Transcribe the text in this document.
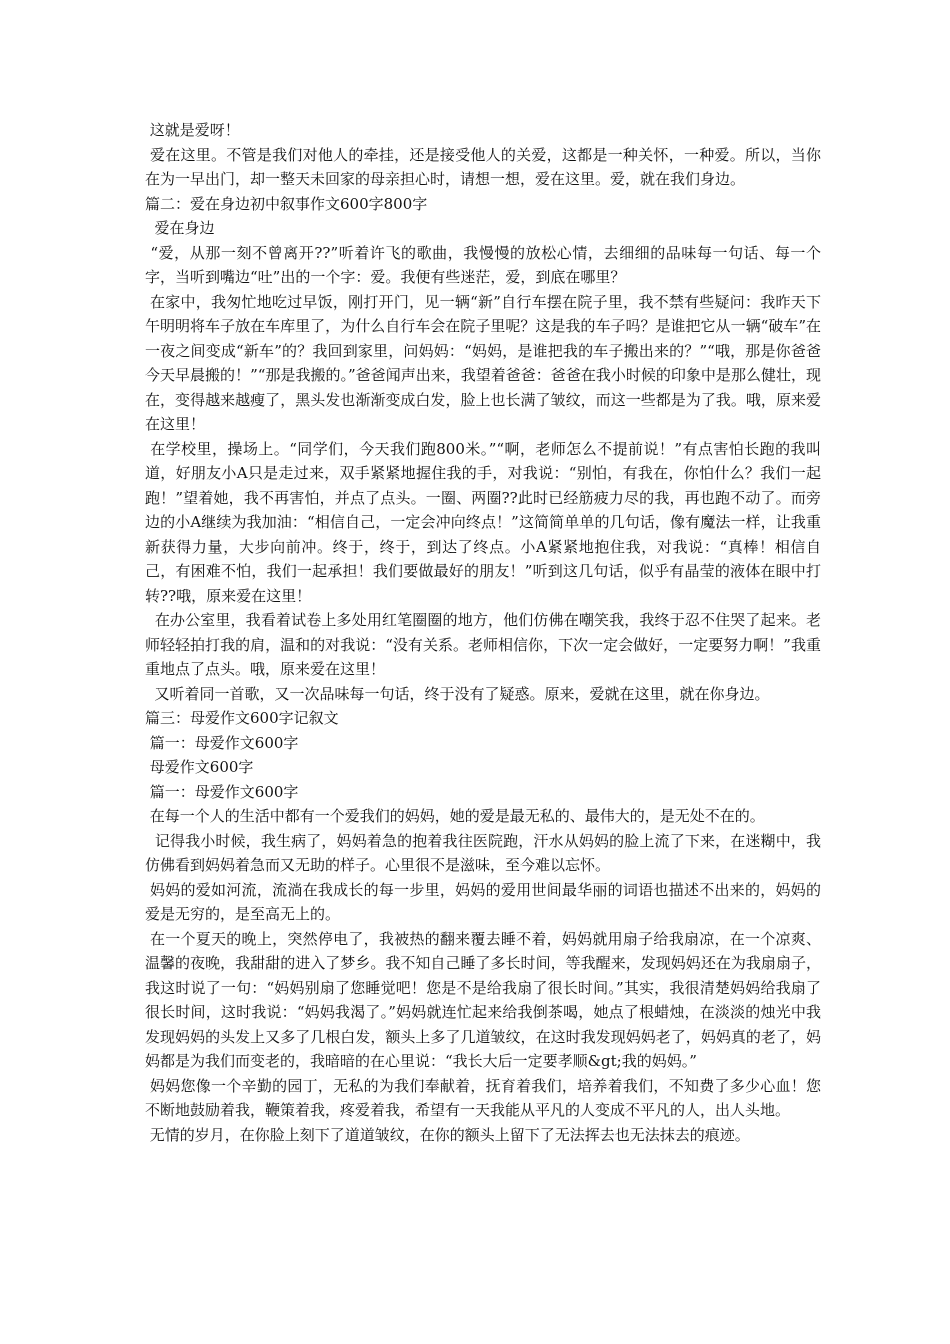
这就是爱呀！

爱在这里。不管是我们对他人的牵挂，还是接受他人的关爱，这都是一种关怀，一种爱。所以，当你在为一早出门，却一整天未回家的母亲担心时，请想一想，爱在这里。爱，就在我们身边。

篇二：爱在身边初中叙事作文600字800字

爱在身边

“爱，从那一刻不曾离开??”听着许飞的歌曲，我慢慢的放松心情，去细细的品味每一句话、每一个字，当听到嘴边“吐”出的一个字：爱。我便有些迷茫，爱，到底在哪里？

在家中，我匆忙地吃过早饭，刚打开门，见一辆“新”自行车摆在院子里，我不禁有些疑问：我昨天下午明明将车子放在车库里了，为什么自行车会在院子里呢？这是我的车子吗？是谁把它从一辆“破车”在一夜之间变成“新车”的？我回到家里，问妈妈：“妈妈，是谁把我的车子搬出来的？”“哦，那是你爸爸今天早晨搬的！”“那是我搬的。”爸爸闻声出来，我望着爸爸：爸爸在我小时候的印象中是那么健壮，现在，变得越来越瘦了，黑头发也渐渐变成白发，脸上也长满了皱纹，而这一些都是为了我。哦，原来爱在这里！

在学校里，操场上。“同学们，今天我们跑800米。”“啊，老师怎么不提前说！”有点害怕长跑的我叫道，好朋友小A只是走过来，双手紧紧地握住我的手，对我说：“别怕，有我在，你怕什么？我们一起跑！”望着她，我不再害怕，并点了点头。一圈、两圈??此时已经筋疲力尽的我，再也跑不动了。而旁边的小A继续为我加油：“相信自己，一定会冲向终点！”这简简单单的几句话，像有魔法一样，让我重新获得力量，大步向前冲。终于，终于，到达了终点。小A紧紧地抱住我，对我说：“真棒！相信自己，有困难不怕，我们一起承担！我们要做最好的朋友！”听到这几句话，似乎有晶莹的液体在眼中打转??哦，原来爱在这里！

在办公室里，我看着试卷上多处用红笔圈圈的地方，他们仿佛在嘲笑我，我终于忍不住哭了起来。老师轻轻拍打我的肩，温和的对我说：“没有关系。老师相信你，下次一定会做好，一定要努力啊！”我重重地点了点头。哦，原来爱在这里！

又听着同一首歌，又一次品味每一句话，终于没有了疑惑。原来，爱就在这里，就在你身边。

篇三：母爱作文600字记叙文

篇一：母爱作文600字

母爱作文600字

篇一：母爱作文600字

在每一个人的生活中都有一个爱我们的妈妈，她的爱是最无私的、最伟大的，是无处不在的。

记得我小时候，我生病了，妈妈着急的抱着我往医院跑，汗水从妈妈的脸上流了下来，在迷糊中，我仿佛看到妈妈着急而又无助的样子。心里很不是滋味，至今难以忘怀。

妈妈的爱如河流，流淌在我成长的每一步里，妈妈的爱用世间最华丽的词语也描述不出来的，妈妈的爱是无穷的，是至高无上的。

在一个夏天的晚上，突然停电了，我被热的翻来覆去睡不着，妈妈就用扇子给我扇凉，在一个凉爽、温馨的夜晚，我甜甜的进入了梦乡。我不知自己睡了多长时间，等我醒来，发现妈妈还在为我扇扇子，我这时说了一句：“妈妈别扇了您睡觉吧！您是不是给我扇了很长时间。”其实，我很清楚妈妈给我扇了很长时间，这时我说：“妈妈我渴了。”妈妈就连忙起来给我倒茶喝，她点了根蜡烛，在淡淡的烛光中我发现妈妈的头发上又多了几根白发，额头上多了几道皱纹，在这时我发现妈妈老了，妈妈真的老了，妈妈都是为我们而变老的，我暗暗的在心里说：“我长大后一定要孝顺&gt;我的妈妈。”

妈妈您像一个辛勤的园丁，无私的为我们奉献着，抚育着我们，培养着我们，不知费了多少心血！您不断地鼓励着我，鞭策着我，疼爱着我，希望有一天我能从平凡的人变成不平凡的人，出人头地。

无情的岁月，在你脸上刻下了道道皱纹，在你的额头上留下了无法挥去也无法抹去的痕迹。
